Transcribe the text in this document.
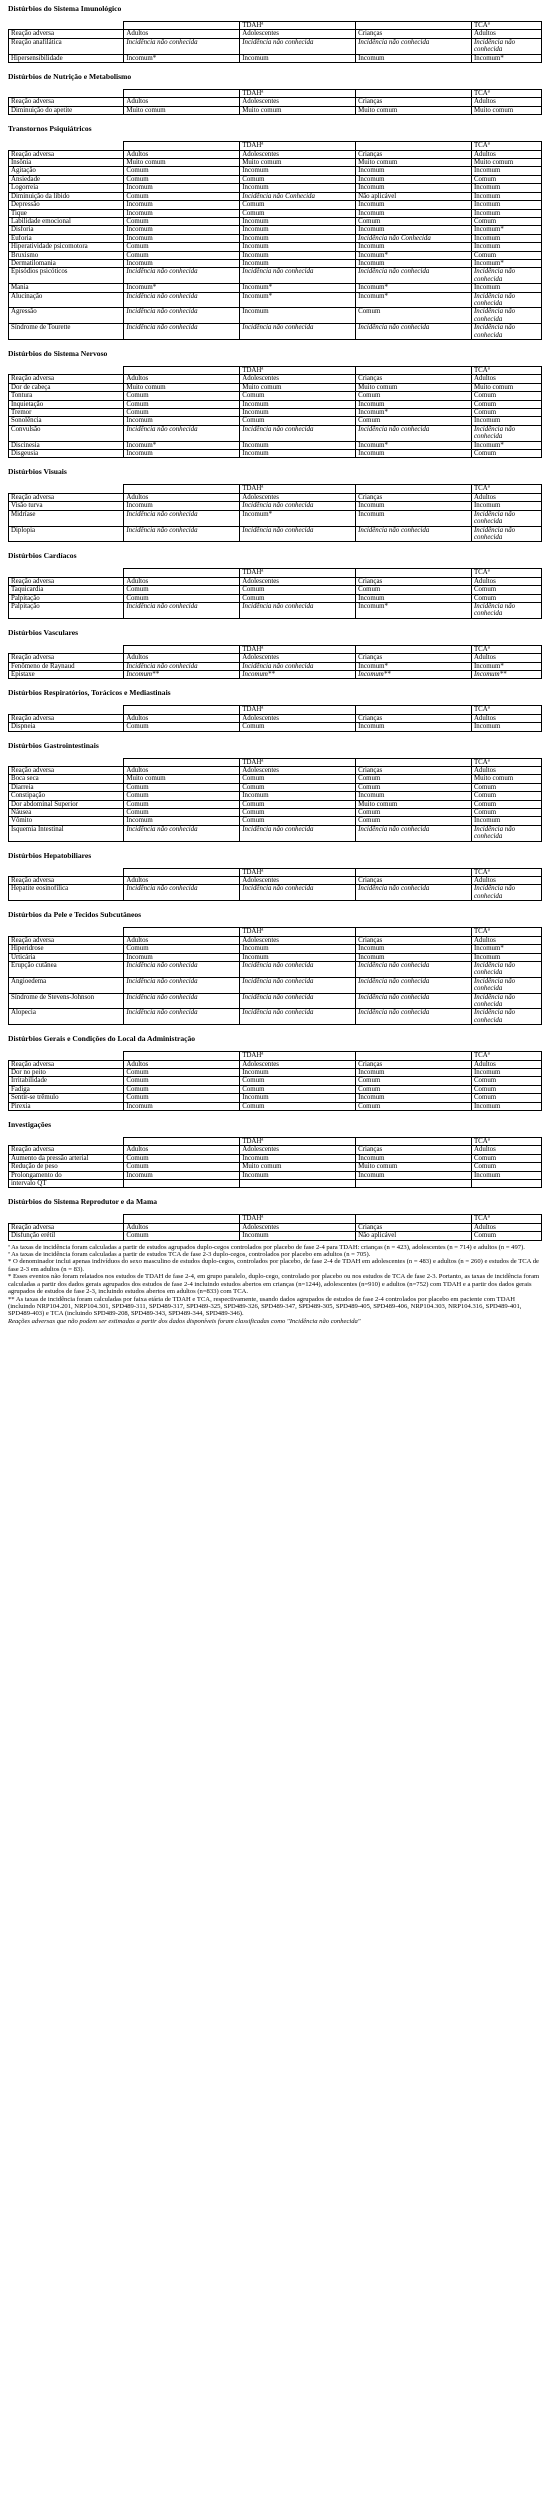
Distúrbios do Sistema Imunológico
		TDAHª		TCAª
Reação adversa	Adultos	Adolescentes	Crianças	Adultos
Reação anafilática	Incidência não conhecida	Incidência não conhecida	Incidência não conhecida	Incidência não conhecida
Hipersensibilidade	Incomum*	Incomum	Incomum	Incomum*
Distúrbios de Nutrição e Metabolismo
		TDAHª		TCAª
Reação adversa	Adultos	Adolescentes	Crianças	Adultos
Diminuição do apetite	Muito comum	Muito comum	Muito comum	Muito comum
Transtornos Psiquiátricos
		TDAHª		TCAª
Reação adversa	Adultos	Adolescentes	Crianças	Adultos
Insônia	Muito comum	Muito comum	Muito comum	Muito comum
Agitação	Comum	Incomum	Incomum	Incomum
Ansiedade	Comum	Comum	Incomum	Comum
Logorreia	Incomum	Incomum	Incomum	Incomum
Diminuição da libido	Comum	Incidência não Conhecida	Não aplicável	Incomum
Depressão	Incomum	Comum	Incomum	Incomum
Tique	Incomum	Comum	Incomum	Incomum
Labilidade emocional	Comum	Incomum	Comum	Comum
Disforia	Incomum	Incomum	Incomum	Incomum*
Euforia	Incomum	Incomum	Incidência não Conhecida	Incomum
Hiperatividade psicomotora	Comum	Incomum	Incomum	Incomum
Bruxismo	Comum	Incomum	Incomum*	Comum
Dermatilomania	Incomum	Incomum	Incomum	Incomum*
Episódios psicóticos	Incidência não conhecida	Incidência não conhecida	Incidência não conhecida	Incidência não conhecida
Mania	Incomum*	Incomum*	Incomum*	Incomum
Alucinação	Incidência não conhecida	Incomum*	Incomum*	Incidência não conhecida
Agressão	Incidência não conhecida	Incomum	Comum	Incidência não conhecida
Síndrome de Tourette	Incidência não conhecida	Incidência não conhecida	Incidência não conhecida	Incidência não conhecida
Distúrbios do Sistema Nervoso
		TDAHª		TCAª
Reação adversa	Adultos	Adolescentes	Crianças	Adultos
Dor de cabeça	Muito comum	Muito comum	Muito comum	Muito comum
Tontura	Comum	Comum	Comum	Comum
Inquietação	Comum	Incomum	Incomum	Comum
Tremor	Comum	Incomum	Incomum*	Comum
Sonolência	Incomum	Comum	Comum	Incomum
Convulsão	Incidência não conhecida	Incidência não conhecida	Incidência não conhecida	Incidência não conhecida
Discinesia	Incomum*	Incomum	Incomum*	Incomum*
Disgeusia	Incomum	Incomum	Incomum	Comum
Distúrbios Visuais
		TDAHª		TCAª
Reação adversa	Adultos	Adolescentes	Crianças	Adultos
Visão turva	Incomum	Incidência não conhecida	Incomum	Incomum
Midríase	Incidência não conhecida	Incomum*	Incomum	Incidência não conhecida
Diplopia	Incidência não conhecida	Incidência não conhecida	Incidência não conhecida	Incidência não conhecida
Distúrbios Cardíacos
		TDAHª		TCAª
Reação adversa	Adultos	Adolescentes	Crianças	Adultos
Taquicardia	Comum	Comum	Comum	Comum
Palpitação	Comum	Comum	Incomum	Comum
Palpitação	Incidência não conhecida	Incidência não conhecida	Incomum*	Incidência não conhecida
Distúrbios Vasculares
		TDAHª		TCAª
Reação adversa	Adultos	Adolescentes	Crianças	Adultos
Fenômeno de Raynaud	Incidência não conhecida	Incidência não conhecida	Incomum*	Incomum*
Epistaxe	Incomum**	Incomum**	Incomum**	Incomum**
Distúrbios Respiratórios, Torácicos e Mediastinais
		TDAHª		TCAª
Reação adversa	Adultos	Adolescentes	Crianças	Adultos
Dispneia	Comum	Comum	Incomum	Incomum
Distúrbios Gastrointestinais
		TDAHª		TCAª
Reação adversa	Adultos	Adolescentes	Crianças	Adultos
Boca seca	Muito comum	Comum	Comum	Muito comum
Diarreia	Comum	Comum	Comum	Comum
Constipação	Comum	Incomum	Incomum	Comum
Dor abdominal Superior	Comum	Comum	Muito comum	Comum
Náusea	Comum	Comum	Comum	Comum
Vômito	Incomum	Comum	Comum	Incomum
Isquemia Intestinal	Incidência não conhecida	Incidência não conhecida	Incidência não conhecida	Incidência não conhecida
Distúrbios Hepatobiliares
		TDAHª		TCAª
Reação adversa	Adultos	Adolescentes	Crianças	Adultos
Hepatite eosinofílica	Incidência não conhecida	Incidência não conhecida	Incidência não conhecida	Incidência não conhecida
Distúrbios da Pele e Tecidos Subcutâneos
		TDAHª		TCAª
Reação adversa	Adultos	Adolescentes	Crianças	Adultos
Hiperidrose	Comum	Incomum	Incomum	Incomum*
Urticária	Incomum	Incomum	Incomum	Incomum
Erupção cutânea	Incidência não conhecida	Incidência não conhecida	Incidência não conhecida	Incidência não conhecida
Angioedema	Incidência não conhecida	Incidência não conhecida	Incidência não conhecida	Incidência não conhecida
Síndrome de Stevens-Johnson	Incidência não conhecida	Incidência não conhecida	Incidência não conhecida	Incidência não conhecida
Alopecia	Incidência não conhecida	Incidência não conhecida	Incidência não conhecida	Incidência não conhecida
Distúrbios Gerais e Condições do Local da Administração
		TDAHª		TCAª
Reação adversa	Adultos	Adolescentes	Crianças	Adultos
Dor no peito	Comum	Incomum	Incomum	Incomum
Irritabilidade	Comum	Comum	Comum	Comum
Fadiga	Comum	Comum	Comum	Comum
Sentir-se trêmulo	Comum	Incomum	Incomum	Comum
Pirexia	Incomum	Comum	Comum	Incomum
Investigações
		TDAHª		TCAª
Reação adversa	Adultos	Adolescentes	Crianças	Adultos
Aumento da pressão arterial	Comum	Incomum	Incomum	Comum
Redução de peso	Comum	Muito comum	Muito comum	Comum
Prolongamento do	Incomum	Incomum	Incomum	Incomum
intervalo QT				
Distúrbios do Sistema Reprodutor e da Mama
		TDAHª		TCAª
Reação adversa	Adultos	Adolescentes	Crianças	Adultos
Disfunção erétil	Comum	Incomum	Não aplicável	Comum

ª As taxas de incidência foram calculadas a partir de estudos agrupados duplo-cegos controlados por placebo de fase 2-4 para TDAH: crianças (n = 423), adolescentes (n = 714) e adultos (n = 497).

ª As taxas de incidência foram calculadas a partir de estudos TCA de fase 2-3 duplo-cegos, controlados por placebo em adultos (n = 705).

* O denominador inclui apenas indivíduos do sexo masculino de estudos duplo-cegos, controlados por placebo, de fase 2-4 de TDAH em adolescentes (n = 483) e adultos (n = 260) e estudos de TCA de fase 2-3 em adultos (n = 83).

* Esses eventos não foram relatados nos estudos de TDAH de fase 2-4, em grupo paralelo, duplo-cego, controlado por placebo ou nos estudos de TCA de fase 2-3. Portanto, as taxas de incidência foram calculadas a partir dos dados gerais agrupados dos estudos de fase 2-4 incluindo estudos abertos em crianças (n=1244), adolescentes (n=910) e adultos (n=752) com TDAH e a partir dos dados gerais agrupados de estudos de fase 2-3, incluindo estudos abertos em adultos (n=833) com TCA.

** As taxas de incidência foram calculadas por faixa etária de TDAH e TCA, respectivamente, usando dados agrupados de estudos de fase 2-4 controlados por placebo em paciente com TDAH (incluindo NRP104.201, NRP104.301, SPD489-311, SPD489-317, SPD489-325, SPD489-326, SPD489-347, SPD489-305, SPD489-405, SPD489-406, NRP104.303, NRP104.316, SPD489-401, SPD489-403) e TCA (incluindo SPD489-208, SPD489-343, SPD489-344, SPD489-346).

Reações adversas que não podem ser estimadas a partir dos dados disponíveis foram classificadas como "Incidência não conhecida"
